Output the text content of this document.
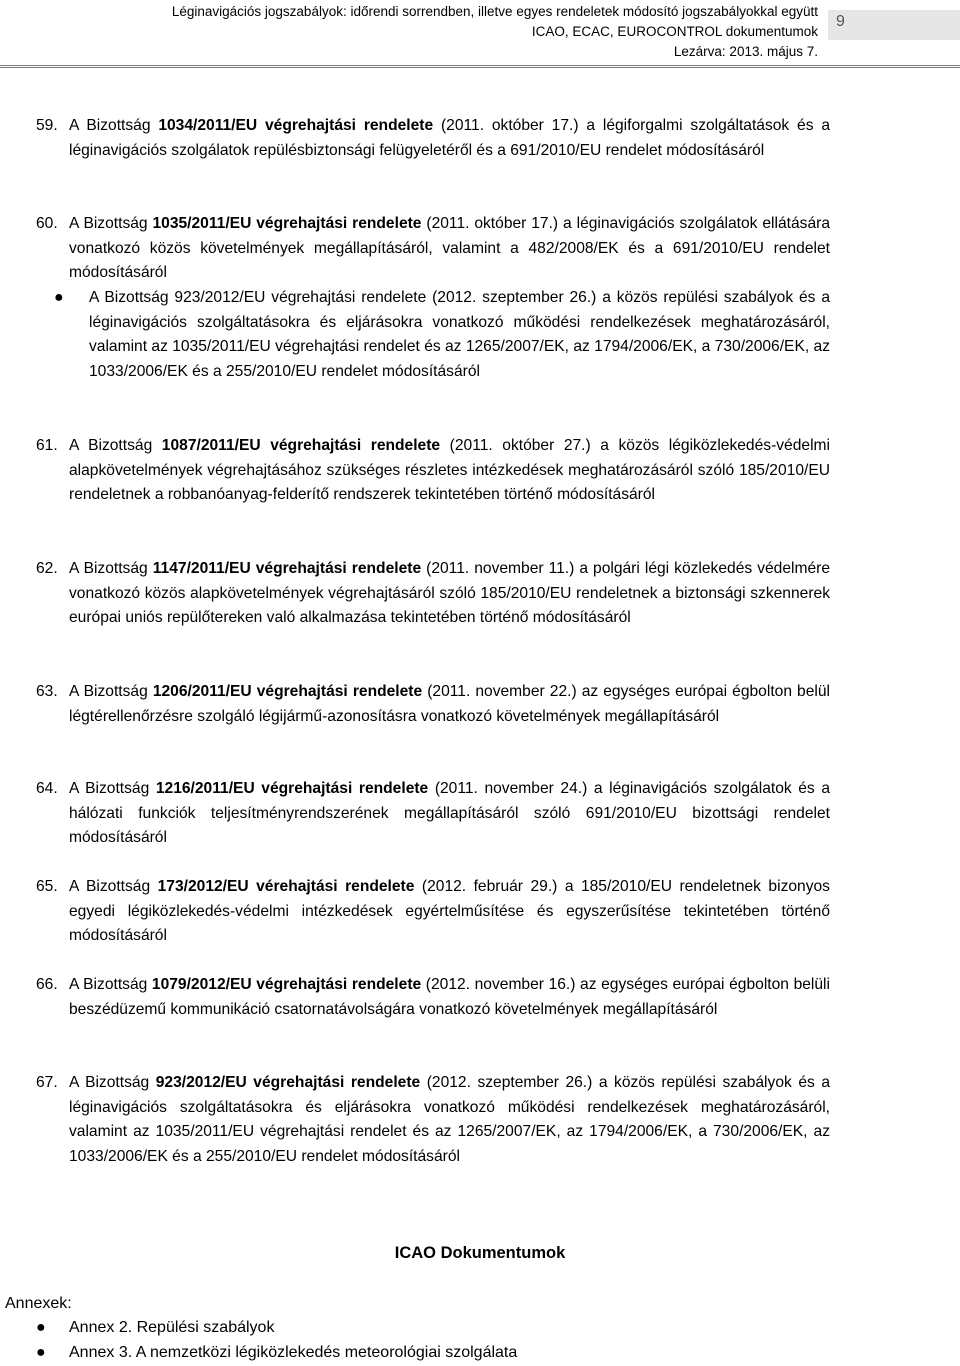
Léginavigációs jogszabályok: időrendi sorrendben, illetve egyes rendeletek módosító jogszabályokkal együtt
ICAO, ECAC, EUROCONTROL dokumentumok
Lezárva: 2013. május 7.
9
59. A Bizottság 1034/2011/EU végrehajtási rendelete (2011. október 17.) a légiforgalmi szolgáltatások és a léginavigációs szolgálatok repülésbiztonsági felügyeletéről és a 691/2010/EU rendelet módosításáról
60. A Bizottság 1035/2011/EU végrehajtási rendelete (2011. október 17.) a léginavigációs szolgálatok ellátására vonatkozó közös követelmények megállapításáról, valamint a 482/2008/EK és a 691/2010/EU rendelet módosításáról
● A Bizottság 923/2012/EU végrehajtási rendelete (2012. szeptember 26.) a közös repülési szabályok és a léginavigációs szolgáltatásokra és eljárásokra vonatkozó működési rendelkezések meghatározásáról, valamint az 1035/2011/EU végrehajtási rendelet és az 1265/2007/EK, az 1794/2006/EK, a 730/2006/EK, az 1033/2006/EK és a 255/2010/EU rendelet módosításáról
61. A Bizottság 1087/2011/EU végrehajtási rendelete (2011. október 27.) a közös légiközlekedés-védelmi alapkövetelmények végrehajtásához szükséges részletes intézkedések meghatározásáról szóló 185/2010/EU rendeletnek a robbanóanyag-felderítő rendszerek tekintetében történő módosításáról
62. A Bizottság 1147/2011/EU végrehajtási rendelete (2011. november 11.) a polgári légi közlekedés védelmére vonatkozó közös alapkövetelmények végrehajtásáról szóló 185/2010/EU rendeletnek a biztonsági szkennerek európai uniós repülőtereken való alkalmazása tekintetében történő módosításáról
63. A Bizottság 1206/2011/EU végrehajtási rendelete (2011. november 22.) az egységes európai égbolton belül légtérellenőrzésre szolgáló légijármű-azonosításra vonatkozó követelmények megállapításáról
64. A Bizottság 1216/2011/EU végrehajtási rendelete (2011. november 24.) a léginavigációs szolgálatok és a hálózati funkciók teljesítményrendszerének megállapításáról szóló 691/2010/EU bizottsági rendelet módosításáról
65. A Bizottság 173/2012/EU vérehajtási rendelete (2012. február 29.) a 185/2010/EU rendeletnek bizonyos egyedi légiközlekedés-védelmi intézkedések egyértelműsítése és egyszerűsítése tekintetében történő módosításáról
66. A Bizottság 1079/2012/EU végrehajtási rendelete (2012. november 16.) az egységes európai égbolton belüli beszédüzemű kommunikáció csatornatávolságára vonatkozó követelmények megállapításáról
67. A Bizottság 923/2012/EU végrehajtási rendelete (2012. szeptember 26.) a közös repülési szabályok és a léginavigációs szolgáltatásokra és eljárásokra vonatkozó működési rendelkezések meghatározásáról, valamint az 1035/2011/EU végrehajtási rendelet és az 1265/2007/EK, az 1794/2006/EK, a 730/2006/EK, az 1033/2006/EK és a 255/2010/EU rendelet módosításáról
ICAO Dokumentumok
Annexek:
● Annex 2. Repülési szabályok
● Annex 3. A nemzetközi légiközlekedés meteorológiai szolgálata
